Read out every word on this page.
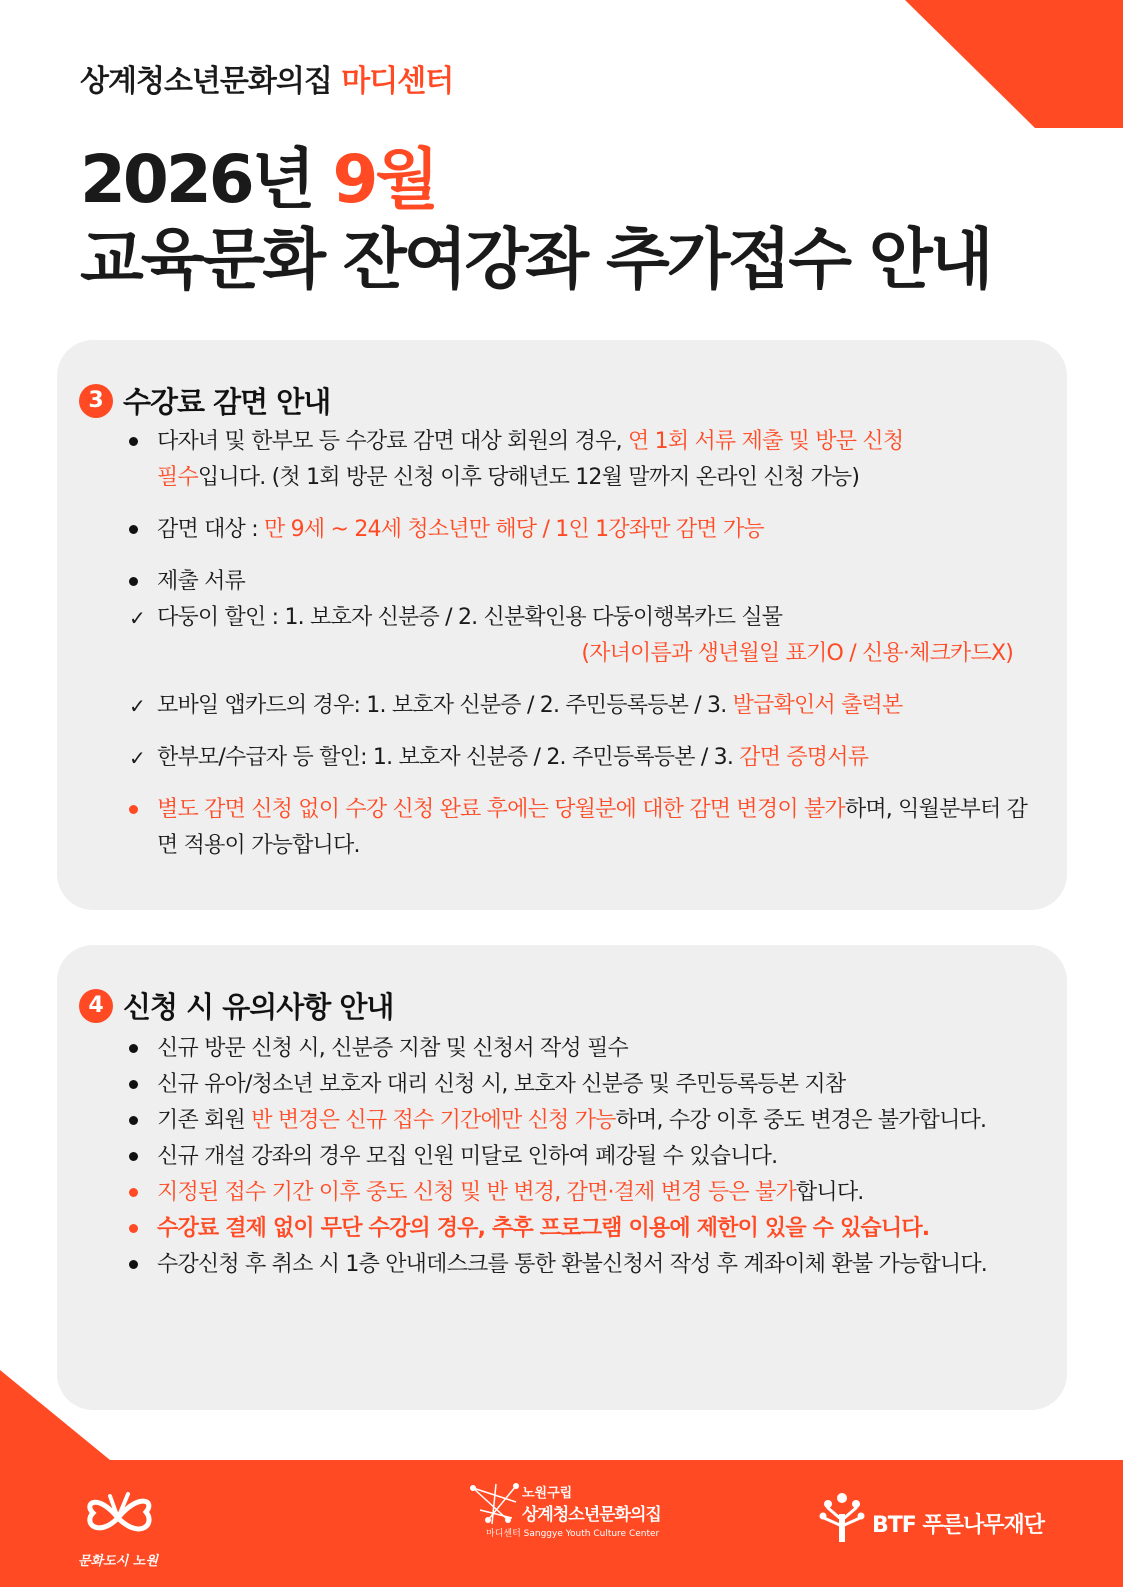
상계청소년문화의집 마디센터
2026년 9월
교육문화 잔여강좌 추가접수 안내
3 수강료 감면 안내
다자녀 및 한부모 등 수강료 감면 대상 회원의 경우, 연 1회 서류 제출 및 방문 신청
필수입니다. (첫 1회 방문 신청 이후 당해년도 12월 말까지 온라인 신청 가능)
감면 대상 : 만 9세 ~ 24세 청소년만 해당 / 1인 1강좌만 감면 가능
제출 서류
✓ 다둥이 할인 : 1. 보호자 신분증 / 2. 신분확인용 다둥이행복카드 실물
(자녀이름과 생년월일 표기O / 신용·체크카드X)
✓ 모바일 앱카드의 경우: 1. 보호자 신분증 / 2. 주민등록등본 / 3. 발급확인서 출력본
✓ 한부모/수급자 등 할인: 1. 보호자 신분증 / 2. 주민등록등본 / 3. 감면 증명서류
별도 감면 신청 없이 수강 신청 완료 후에는 당월분에 대한 감면 변경이 불가하며, 익월분부터 감면 적용이 가능합니다.
4 신청 시 유의사항 안내
신규 방문 신청 시, 신분증 지참 및 신청서 작성 필수
신규 유아/청소년 보호자 대리 신청 시, 보호자 신분증 및 주민등록등본 지참
기존 회원 반 변경은 신규 접수 기간에만 신청 가능하며, 수강 이후 중도 변경은 불가합니다.
신규 개설 강좌의 경우 모집 인원 미달로 인하여 폐강될 수 있습니다.
지정된 접수 기간 이후 중도 신청 및 반 변경, 감면·결제 변경 등은 불가합니다.
수강료 결제 없이 무단 수강의 경우, 추후 프로그램 이용에 제한이 있을 수 있습니다.
수강신청 후 취소 시 1층 안내데스크를 통한 환불신청서 작성 후 계좌이체 환불 가능합니다.
문화도시 노원
노원구립
상계청소년문화의집
마디센터 Sanggye Youth Culture Center	BTF 푸른나무재단
